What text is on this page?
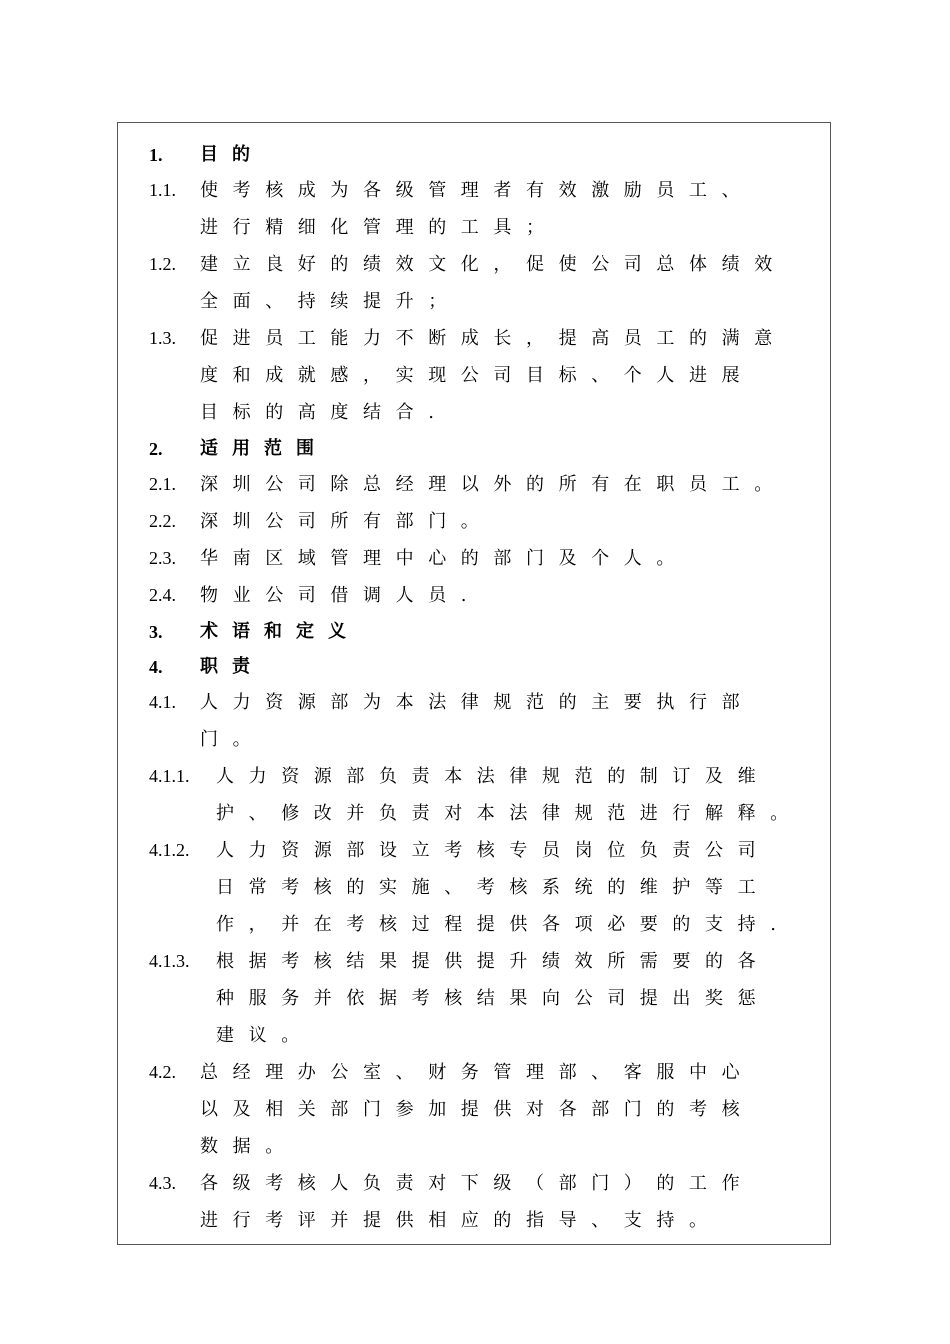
1.	目的
1.1.	使考核成为各级管理者有效激励员工、
进行精细化管理的工具；
1.2.	建立良好的绩效文化，促使公司总体绩效
全面、持续提升；
1.3.	促进员工能力不断成长，提高员工的满意
度和成就感，实现公司目标、个人进展
目标的高度结合.
2.	适用范围
2.1.	深圳公司除总经理以外的所有在职员工。
2.2.	深圳公司所有部门。
2.3.	华南区域管理中心的部门及个人。
2.4.	物业公司借调人员.
3.	术语和定义
4.	职责
4.1.	人力资源部为本法律规范的主要执行部
门。
4.1.1.	人力资源部负责本法律规范的制订及维
护、修改并负责对本法律规范进行解释。
4.1.2.	人力资源部设立考核专员岗位负责公司
日常考核的实施、考核系统的维护等工
作，并在考核过程提供各项必要的支持.
4.1.3.	根据考核结果提供提升绩效所需要的各
种服务并依据考核结果向公司提出奖惩
建议。
4.2.	总经理办公室、财务管理部、客服中心
以及相关部门参加提供对各部门的考核
数据。
4.3.	各级考核人负责对下级（部门）的工作
进行考评并提供相应的指导、支持。
